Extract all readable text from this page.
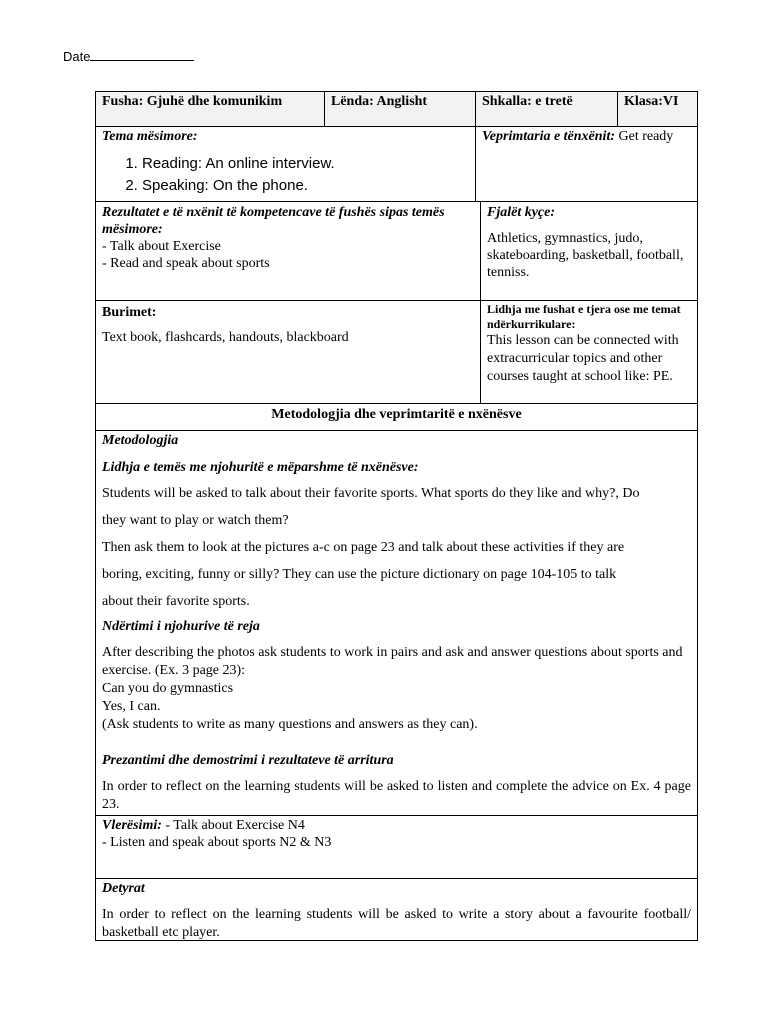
Date
Fusha: Gjuhë dhe komunikim	Lënda: Anglisht	Shkalla: e tretë	Klasa:VI
Tema mësimore:
1. Reading: An online interview.
2. Speaking: On the phone.
Veprimtaria e tënxënit: Get ready
Rezultatet e të nxënit të kompetencave të fushës sipas temës mësimore:
- Talk about Exercise
- Read and speak about sports
Fjalët kyçe:
Athletics, gymnastics, judo, skateboarding, basketball, football, tenniss.
Burimet:
Text book, flashcards, handouts, blackboard
Lidhja me fushat e tjera ose me temat ndërkurrikulare:
This lesson can be connected with extracurricular topics and other courses taught at school like: PE.
Metodologjia dhe veprimtaritë e nxënësve
Metodologjia
Lidhja e temës me njohuritë e mëparshme të nxënësve:
Students will be asked to talk about their favorite sports. What sports do they like and why?, Do
they want to play or watch them?
Then ask them to look at the pictures a-c on page 23 and talk about these activities if they are
boring, exciting, funny or silly? They can use the picture dictionary on page 104-105 to talk
about their favorite sports.
Ndërtimi i njohurive të reja
After describing the photos ask students to work in pairs and ask and answer questions about sports and exercise. (Ex. 3 page 23):
Can you do gymnastics
Yes, I can.
(Ask students to write as many questions and answers as they can).
Prezantimi dhe demostrimi i rezultateve të arritura
In order to reflect on the learning students will be asked to listen and complete the advice on Ex. 4 page 23.
Vlerësimi: - Talk about Exercise N4
- Listen and speak about sports N2 & N3
Detyrat
In order to reflect on the learning students will be asked to write a story about a favourite football/ basketball etc player.
